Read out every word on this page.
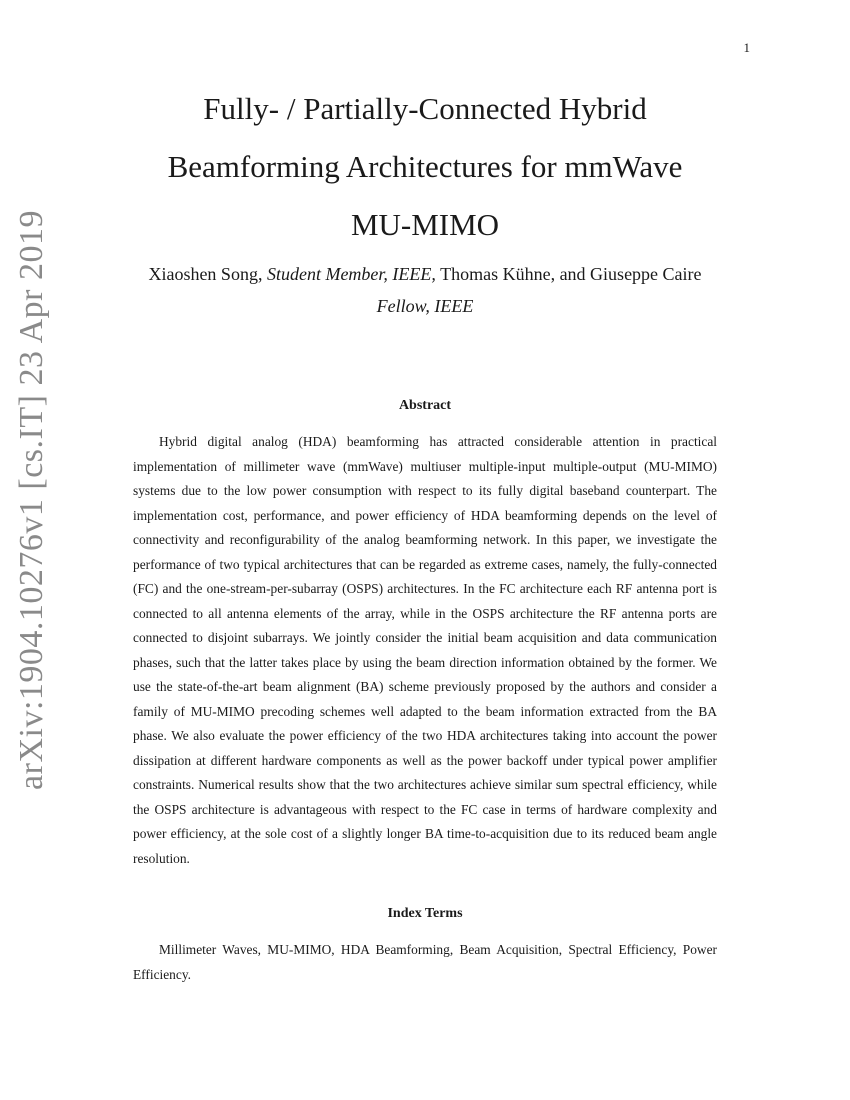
1
arXiv:1904.10276v1 [cs.IT] 23 Apr 2019
Fully- / Partially-Connected Hybrid
Beamforming Architectures for mmWave
MU-MIMO
Xiaoshen Song, Student Member, IEEE, Thomas Kühne, and Giuseppe Caire
Fellow, IEEE
Abstract

Hybrid digital analog (HDA) beamforming has attracted considerable attention in practical implementation of millimeter wave (mmWave) multiuser multiple-input multiple-output (MU-MIMO) systems due to the low power consumption with respect to its fully digital baseband counterpart. The implementation cost, performance, and power efficiency of HDA beamforming depends on the level of connectivity and reconfigurability of the analog beamforming network. In this paper, we investigate the performance of two typical architectures that can be regarded as extreme cases, namely, the fully-connected (FC) and the one-stream-per-subarray (OSPS) architectures. In the FC architecture each RF antenna port is connected to all antenna elements of the array, while in the OSPS architecture the RF antenna ports are connected to disjoint subarrays. We jointly consider the initial beam acquisition and data communication phases, such that the latter takes place by using the beam direction information obtained by the former. We use the state-of-the-art beam alignment (BA) scheme previously proposed by the authors and consider a family of MU-MIMO precoding schemes well adapted to the beam information extracted from the BA phase. We also evaluate the power efficiency of the two HDA architectures taking into account the power dissipation at different hardware components as well as the power backoff under typical power amplifier constraints. Numerical results show that the two architectures achieve similar sum spectral efficiency, while the OSPS architecture is advantageous with respect to the FC case in terms of hardware complexity and power efficiency, at the sole cost of a slightly longer BA time-to-acquisition due to its reduced beam angle resolution.

Index Terms

Millimeter Waves, MU-MIMO, HDA Beamforming, Beam Acquisition, Spectral Efficiency, Power Efficiency.
